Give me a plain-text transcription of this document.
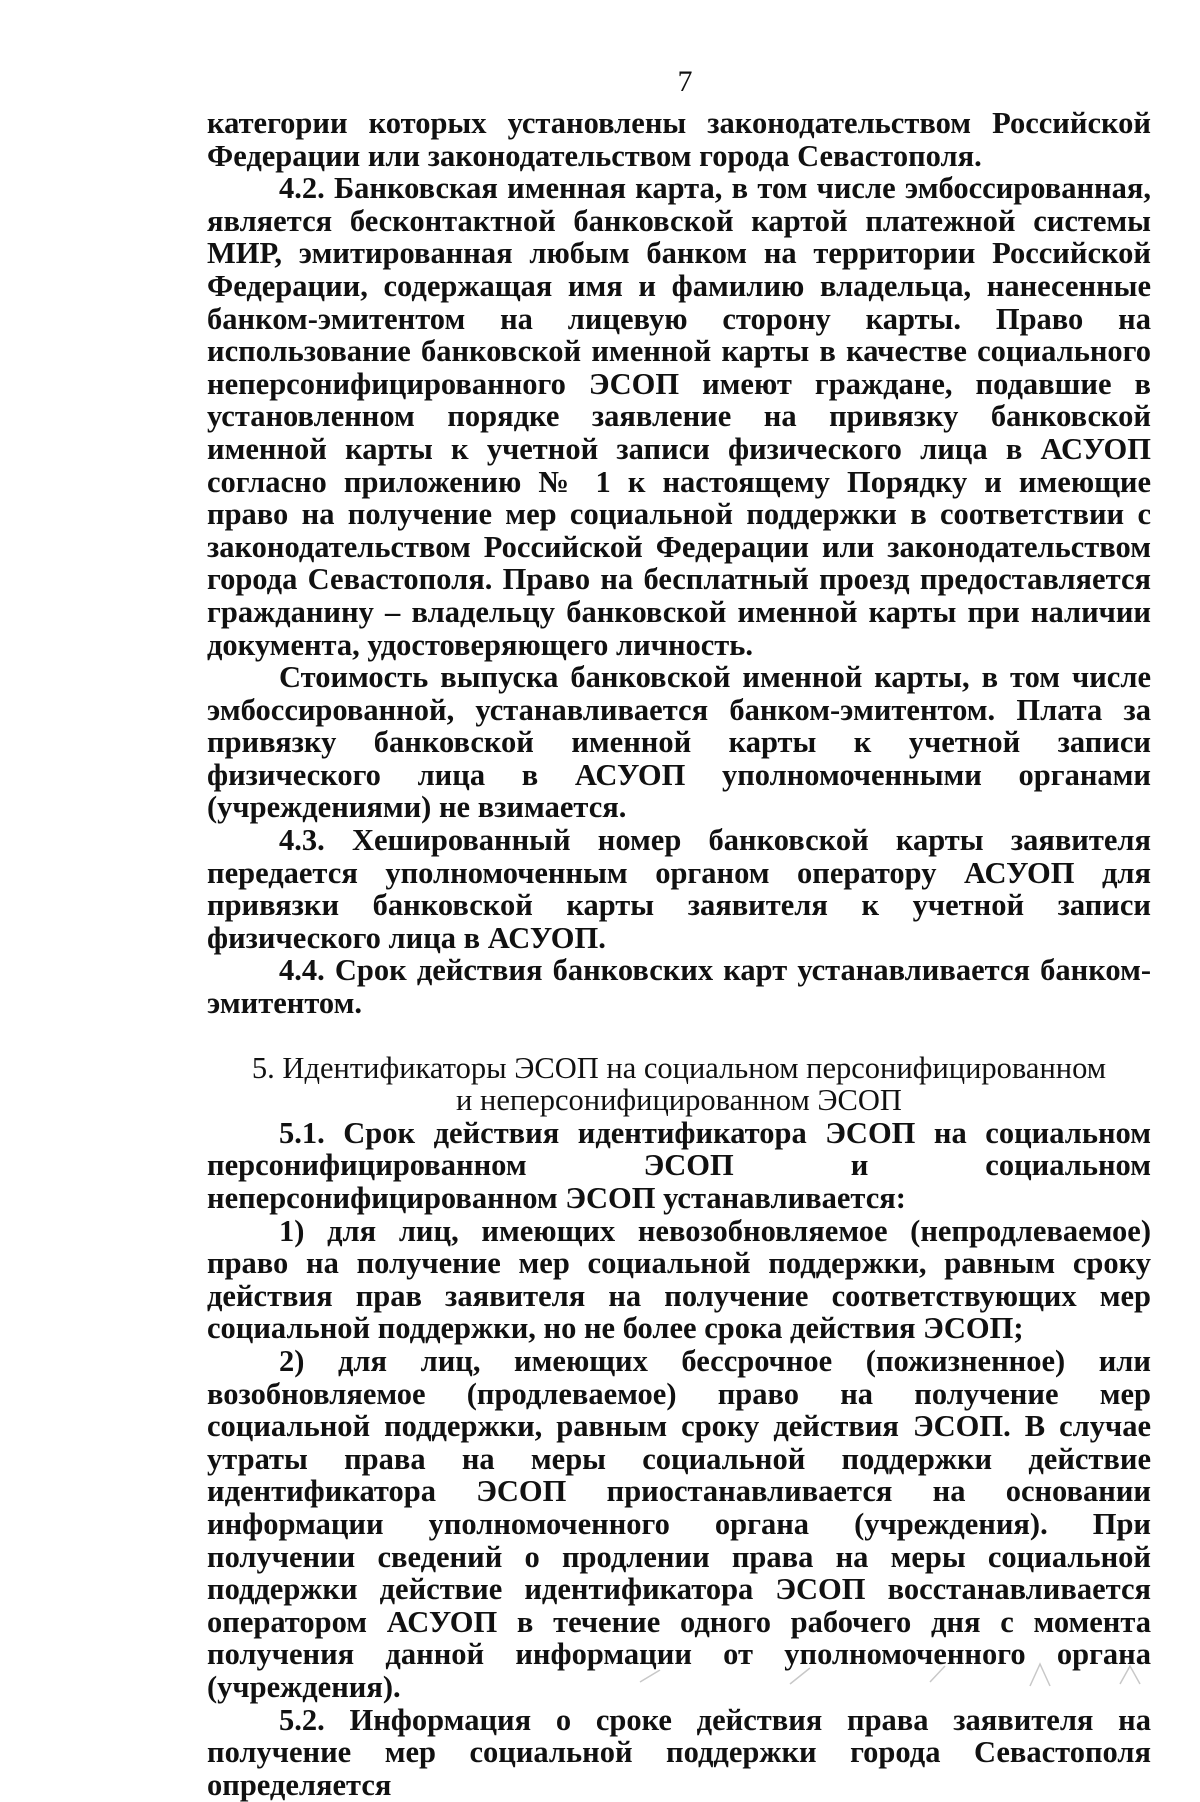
7

категории которых установлены законодательством Российской Федерации или законодательством города Севастополя.

4.2. Банковская именная карта, в том числе эмбоссированная, является бесконтактной банковской картой платежной системы МИР, эмитированная любым банком на территории Российской Федерации, содержащая имя и фамилию владельца, нанесенные банком-эмитентом на лицевую сторону карты. Право на использование банковской именной карты в качестве социального неперсонифицированного ЭСОП имеют граждане, подавшие в установленном порядке заявление на привязку банковской именной карты к учетной записи физического лица в АСУОП согласно приложению № 1 к настоящему Порядку и имеющие право на получение мер социальной поддержки в соответствии с законодательством Российской Федерации или законодательством города Севастополя. Право на бесплатный проезд предоставляется гражданину – владельцу банковской именной карты при наличии документа, удостоверяющего личность.

Стоимость выпуска банковской именной карты, в том числе эмбоссированной, устанавливается банком-эмитентом. Плата за привязку банковской именной карты к учетной записи физического лица в АСУОП уполномоченными органами (учреждениями) не взимается.

4.3. Хешированный номер банковской карты заявителя передается уполномоченным органом оператору АСУОП для привязки банковской карты заявителя к учетной записи физического лица в АСУОП.

4.4. Срок действия банковских карт устанавливается банком-эмитентом.

5. Идентификаторы ЭСОП на социальном персонифицированном
и неперсонифицированном ЭСОП

5.1. Срок действия идентификатора ЭСОП на социальном персонифицированном ЭСОП и социальном неперсонифицированном ЭСОП устанавливается:

1) для лиц, имеющих невозобновляемое (непродлеваемое) право на получение мер социальной поддержки, равным сроку действия прав заявителя на получение соответствующих мер социальной поддержки, но не более срока действия ЭСОП;

2) для лиц, имеющих бессрочное (пожизненное) или возобновляемое (продлеваемое) право на получение мер социальной поддержки, равным сроку действия ЭСОП. В случае утраты права на меры социальной поддержки действие идентификатора ЭСОП приостанавливается на основании информации уполномоченного органа (учреждения). При получении сведений о продлении права на меры социальной поддержки действие идентификатора ЭСОП восстанавливается оператором АСУОП в течение одного рабочего дня с момента получения данной информации от уполномоченного органа (учреждения).

5.2. Информация о сроке действия права заявителя на получение мер социальной поддержки города Севастополя определяется
